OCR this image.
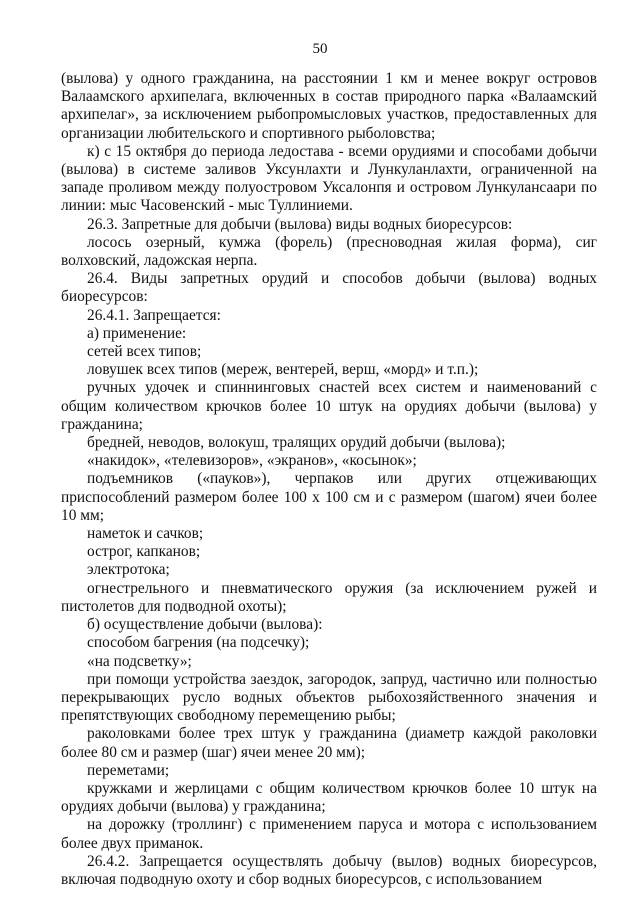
50

(вылова) у одного гражданина, на расстоянии 1 км и менее вокруг островов Валаамского архипелага, включенных в состав природного парка «Валаамский архипелаг», за исключением рыбопромысловых участков, предоставленных для организации любительского и спортивного рыболовства;

к) с 15 октября до периода ледостава - всеми орудиями и способами добычи (вылова) в системе заливов Уксунлахти и Лункуланлахти, ограниченной на западе проливом между полуостровом Уксалонпя и островом Лункулансаари по линии: мыс Часовенский - мыс Туллиниеми.

26.3. Запретные для добычи (вылова) виды водных биоресурсов:

лосось озерный, кумжа (форель) (пресноводная жилая форма), сиг волховский, ладожская нерпа.

26.4. Виды запретных орудий и способов добычи (вылова) водных биоресурсов:

26.4.1. Запрещается:

а) применение:

сетей всех типов;

ловушек всех типов (мереж, вентерей, верш, «морд» и т.п.);

ручных удочек и спиннинговых снастей всех систем и наименований с общим количеством крючков более 10 штук на орудиях добычи (вылова) у гражданина;

бредней, неводов, волокуш, тралящих орудий добычи (вылова);

«накидок», «телевизоров», «экранов», «косынок»;

подъемников («пауков»), черпаков или других отцеживающих приспособлений размером более 100 х 100 см и с размером (шагом) ячеи более 10 мм;

наметок и сачков;

острог, капканов;

электротока;

огнестрельного и пневматического оружия (за исключением ружей и пистолетов для подводной охоты);

б) осуществление добычи (вылова):

способом багрения (на подсечку);

«на подсветку»;

при помощи устройства заездок, загородок, запруд, частично или полностью перекрывающих русло водных объектов рыбохозяйственного значения и препятствующих свободному перемещению рыбы;

раколовками более трех штук у гражданина (диаметр каждой раколовки более 80 см и размер (шаг) ячеи менее 20 мм);

переметами;

кружками и жерлицами с общим количеством крючков более 10 штук на орудиях добычи (вылова) у гражданина;

на дорожку (троллинг) с применением паруса и мотора с использованием более двух приманок.

26.4.2. Запрещается осуществлять добычу (вылов) водных биоресурсов, включая подводную охоту и сбор водных биоресурсов, с использованием
